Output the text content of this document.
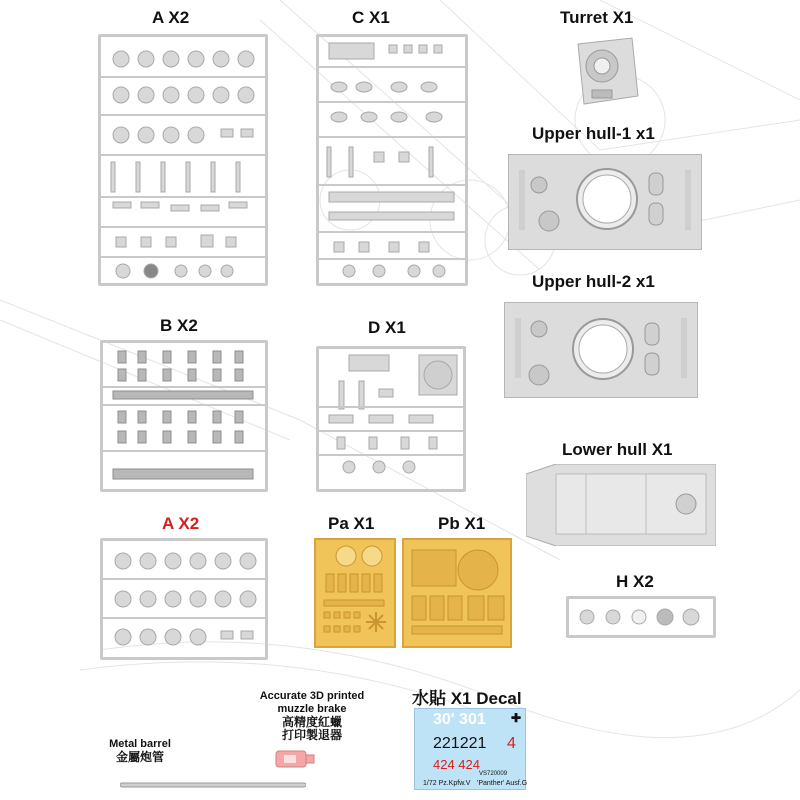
A X2	C X1	Turret X1
Upper hull-1 x1
Upper hull-2 x1
B X2	D X1
Lower hull X1
A X2	Pa X1	Pb X1
H X2
Accurate 3D printed
muzzle brake
高精度紅蠟
打印製退器
Metal barrel
金屬炮管
水貼 X1 Decal
30' 301 ✚
221221 4
424 424
VS720009
1/72 Pz.Kpfw.V 'Panther' Ausf.G
